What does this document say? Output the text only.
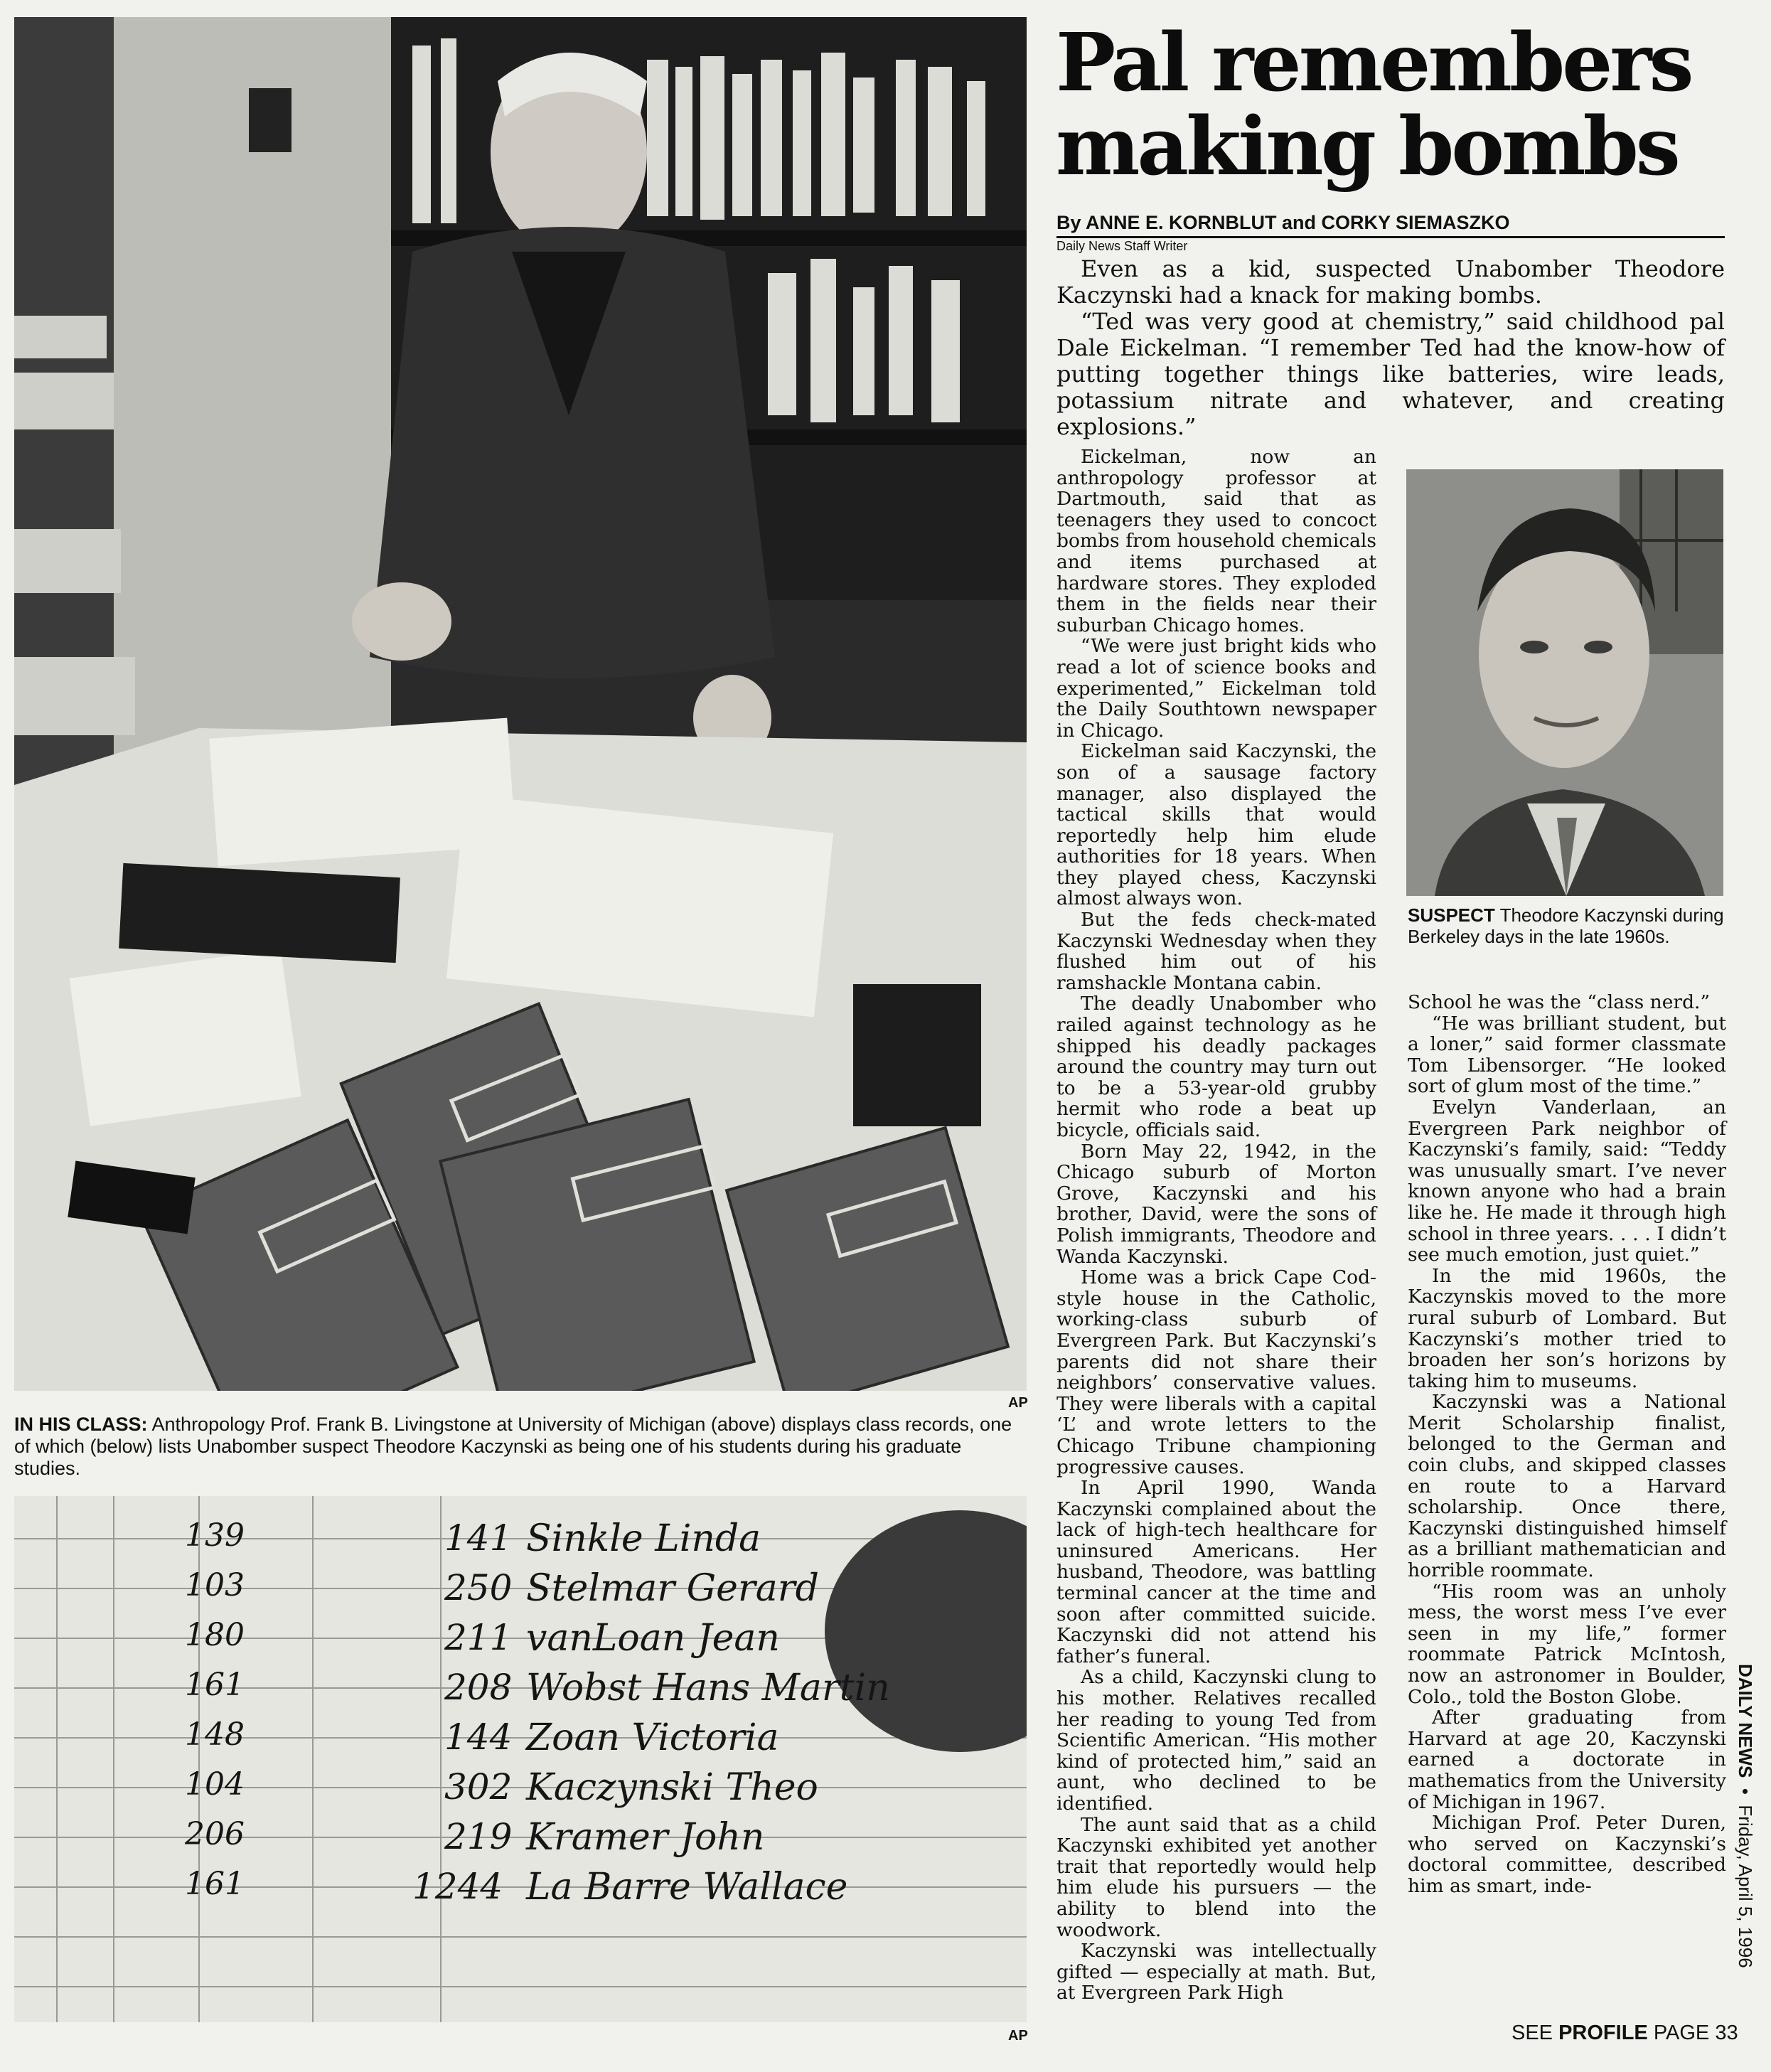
AP
IN HIS CLASS: Anthropology Prof. Frank B. Livingstone at University of Michigan (above) displays class records, one of which (below) lists Unabomber suspect Theodore Kaczynski as being one of his students during his graduate studies.
139	141 Sinkle Linda
103	250 Stelmar Gerard
180	211 vanLoan Jean
161	208 Wobst Hans Martin
148	144 Zoan Victoria
104	302 Kaczynski Theo
206	219 Kramer John
161	1244 La Barre Wallace
AP
Pal remembers
making bombs
By ANNE E. KORNBLUT and CORKY SIEMASZKO
Daily News Staff Writer

Even as a kid, suspected Unabomber Theodore Kaczynski had a knack for making bombs.

“Ted was very good at chemistry,” said childhood pal Dale Eickelman. “I remember Ted had the know-how of putting together things like batteries, wire leads, potassium nitrate and whatever, and creating explosions.”

Eickelman, now an anthropology professor at Dartmouth, said that as teenagers they used to concoct bombs from household chemicals and items purchased at hardware stores. They exploded them in the fields near their suburban Chicago homes.

“We were just bright kids who read a lot of science books and experimented,” Eickelman told the Daily Southtown newspaper in Chicago.

Eickelman said Kaczynski, the son of a sausage factory manager, also displayed the tactical skills that would reportedly help him elude authorities for 18 years. When they played chess, Kaczynski almost always won.

But the feds check-mated Kaczynski Wednesday when they flushed him out of his ramshackle Montana cabin.

The deadly Unabomber who railed against technology as he shipped his deadly packages around the country may turn out to be a 53-year-old grubby hermit who rode a beat up bicycle, officials said.

Born May 22, 1942, in the Chicago suburb of Morton Grove, Kaczynski and his brother, David, were the sons of Polish immigrants, Theodore and Wanda Kaczynski.

Home was a brick Cape Cod-style house in the Catholic, working-class suburb of Evergreen Park. But Kaczynski’s parents did not share their neighbors’ conservative values. They were liberals with a capital ‘L’ and wrote letters to the Chicago Tribune championing progressive causes.

In April 1990, Wanda Kaczynski complained about the lack of high-tech healthcare for uninsured Americans. Her husband, Theodore, was battling terminal cancer at the time and soon after committed suicide. Kaczynski did not attend his father’s funeral.

As a child, Kaczynski clung to his mother. Relatives recalled her reading to young Ted from Scientific American. “His mother kind of protected him,” said an aunt, who declined to be identified.

The aunt said that as a child Kaczynski exhibited yet another trait that reportedly would help him elude his pursuers — the ability to blend into the woodwork.

Kaczynski was intellectually gifted — especially at math. But, at Evergreen Park High

SUSPECT Theodore Kaczynski during Berkeley days in the late 1960s.

School he was the “class nerd.”

“He was brilliant student, but a loner,” said former classmate Tom Libensorger. “He looked sort of glum most of the time.”

Evelyn Vanderlaan, an Evergreen Park neighbor of Kaczynski’s family, said: “Teddy was unusually smart. I’ve never known anyone who had a brain like he. He made it through high school in three years. . . . I didn’t see much emotion, just quiet.”

In the mid 1960s, the Kaczynskis moved to the more rural suburb of Lombard. But Kaczynski’s mother tried to broaden her son’s horizons by taking him to museums.

Kaczynski was a National Merit Scholarship finalist, belonged to the German and coin clubs, and skipped classes en route to a Harvard scholarship. Once there, Kaczynski distinguished himself as a brilliant mathematician and horrible roommate.

“His room was an unholy mess, the worst mess I’ve ever seen in my life,” former roommate Patrick McIntosh, now an astronomer in Boulder, Colo., told the Boston Globe.

After graduating from Harvard at age 20, Kaczynski earned a doctorate in mathematics from the University of Michigan in 1967.

Michigan Prof. Peter Duren, who served on Kaczynski’s doctoral committee, described him as smart, inde-

DAILY NEWS  •  Friday, April 5, 1996
SEE PROFILE PAGE 33
